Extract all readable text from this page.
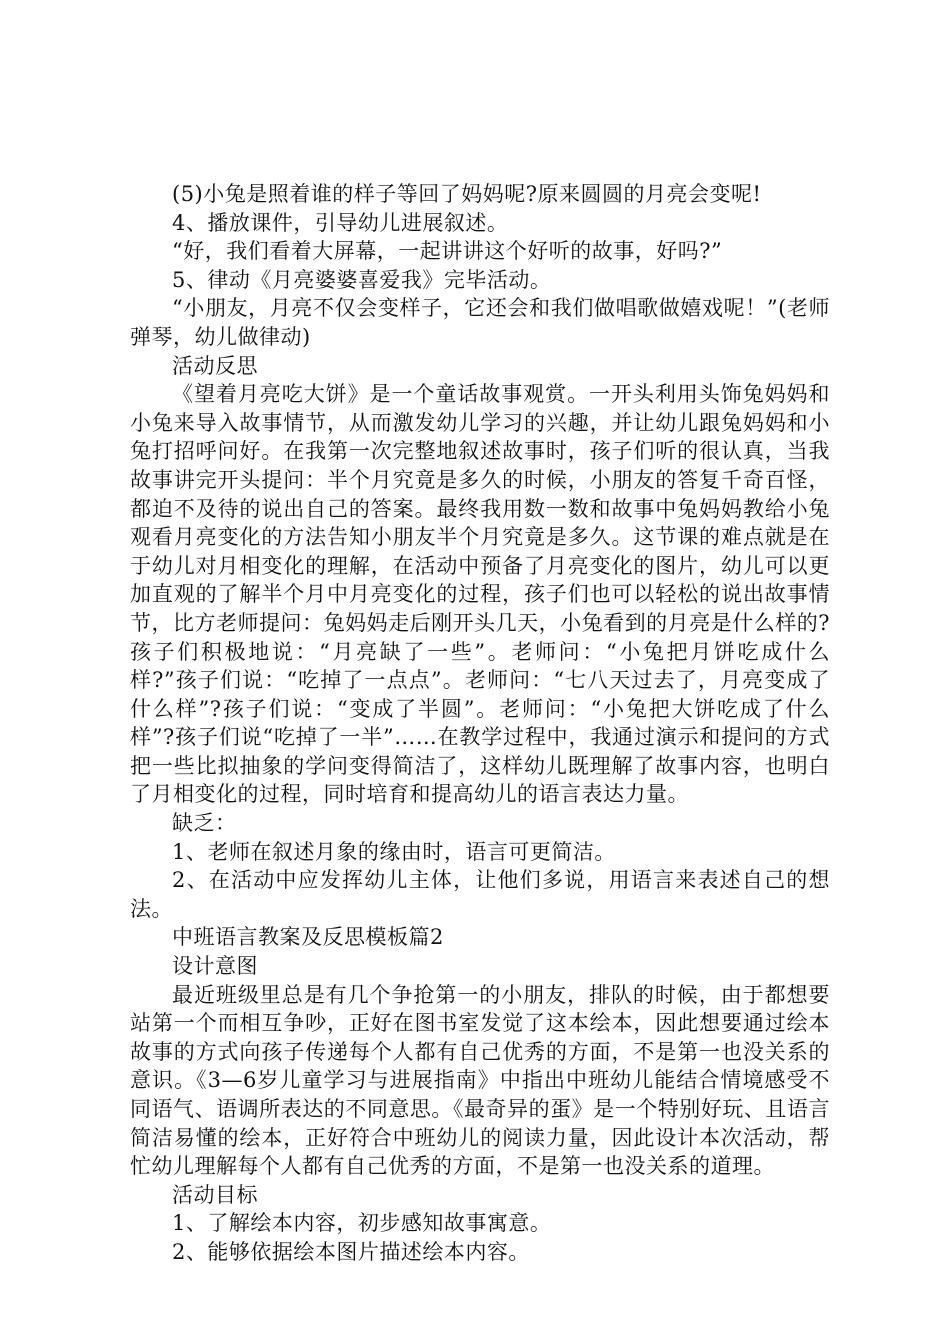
(5)小兔是照着谁的样子等回了妈妈呢?原来圆圆的月亮会变呢!

4、播放课件，引导幼儿进展叙述。

“好，我们看着大屏幕，一起讲讲这个好听的故事，好吗?”

5、律动《月亮婆婆喜爱我》完毕活动。

“小朋友，月亮不仅会变样子，它还会和我们做唱歌做嬉戏呢！”(老师弹琴，幼儿做律动)

活动反思

《望着月亮吃大饼》是一个童话故事观赏。一开头利用头饰兔妈妈和小兔来导入故事情节，从而激发幼儿学习的兴趣，并让幼儿跟兔妈妈和小兔打招呼问好。在我第一次完整地叙述故事时，孩子们听的很认真，当我故事讲完开头提问：半个月究竟是多久的时候，小朋友的答复千奇百怪，都迫不及待的说出自己的答案。最终我用数一数和故事中兔妈妈教给小兔观看月亮变化的方法告知小朋友半个月究竟是多久。这节课的难点就是在于幼儿对月相变化的理解，在活动中预备了月亮变化的图片，幼儿可以更加直观的了解半个月中月亮变化的过程，孩子们也可以轻松的说出故事情节，比方老师提问：兔妈妈走后刚开头几天，小兔看到的月亮是什么样的?孩子们积极地说：“月亮缺了一些”。老师问：“小兔把月饼吃成什么样?”孩子们说：“吃掉了一点点”。老师问：“七八天过去了，月亮变成了什么样”?孩子们说：“变成了半圆”。老师问：“小兔把大饼吃成了什么样”?孩子们说“吃掉了一半”……在教学过程中，我通过演示和提问的方式把一些比拟抽象的学问变得简洁了，这样幼儿既理解了故事内容，也明白了月相变化的过程，同时培育和提高幼儿的语言表达力量。

缺乏：

1、老师在叙述月象的缘由时，语言可更简洁。

2、在活动中应发挥幼儿主体，让他们多说，用语言来表述自己的想法。

中班语言教案及反思模板篇2

设计意图

最近班级里总是有几个争抢第一的小朋友，排队的时候，由于都想要站第一个而相互争吵，正好在图书室发觉了这本绘本，因此想要通过绘本故事的方式向孩子传递每个人都有自己优秀的方面，不是第一也没关系的意识。《3—6岁儿童学习与进展指南》中指出中班幼儿能结合情境感受不同语气、语调所表达的不同意思。《最奇异的蛋》是一个特别好玩、且语言简洁易懂的绘本，正好符合中班幼儿的阅读力量，因此设计本次活动，帮忙幼儿理解每个人都有自己优秀的方面，不是第一也没关系的道理。

活动目标

1、了解绘本内容，初步感知故事寓意。

2、能够依据绘本图片描述绘本内容。
